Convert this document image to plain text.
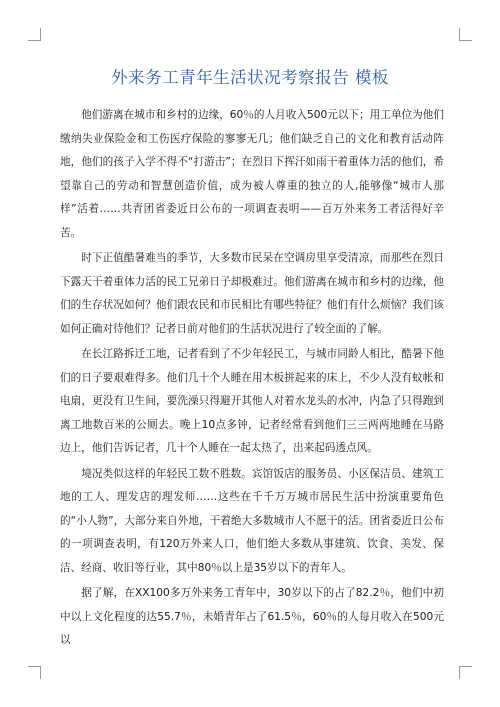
外来务工青年生活状况考察报告 模板

他们游离在城市和乡村的边缘，60％的人月收入500元以下；用工单位为他们缴纳失业保险金和工伤医疗保险的寥寥无几；他们缺乏自己的文化和教育活动阵地，他们的孩子入学不得不“打游击”；在烈日下挥汗如雨干着重体力活的他们，希望靠自己的劳动和智慧创造价值，成为被人尊重的独立的人,能够像“城市人那样”活着……共青团省委近日公布的一项调查表明——百万外来务工者活得好辛苦。

时下正值酷暑难当的季节，大多数市民呆在空调房里享受清凉，而那些在烈日下露天干着重体力活的民工兄弟日子却极难过。他们游离在城市和乡村的边缘，他们的生存状况如何？他们跟农民和市民相比有哪些特征？他们有什么烦恼？我们该如何正确对待他们？记者日前对他们的生活状况进行了较全面的了解。

在长江路拆迁工地，记者看到了不少年轻民工，与城市同龄人相比，酷暑下他们的日子要艰难得多。他们几十个人睡在用木板拼起来的床上，不少人没有蚊帐和电扇，更没有卫生间，要洗澡只得避开其他人对着水龙头的水冲，内急了只得跑到离工地数百米的公厕去。晚上10点多钟，记者经常看到他们三三两两地睡在马路边上，他们告诉记者，几十个人睡在一起太热了，出来起码透点风。

境况类似这样的年轻民工数不胜数。宾馆饭店的服务员、小区保洁员、建筑工地的工人、理发店的理发师……这些在千千万万城市居民生活中扮演重要角色的“小人物”，大部分来自外地，干着绝大多数城市人不愿干的活。团省委近日公布的一项调查表明，有120万外来人口，他们绝大多数从事建筑、饮食、美发、保洁、经商、收旧等行业，其中80％以上是35岁以下的青年人。

据了解，在XX100多万外来务工青年中，30岁以下的占了82.2％，他们中初中以上文化程度的达55.7％，未婚青年占了61.5％，60％的人每月收入在500元以
